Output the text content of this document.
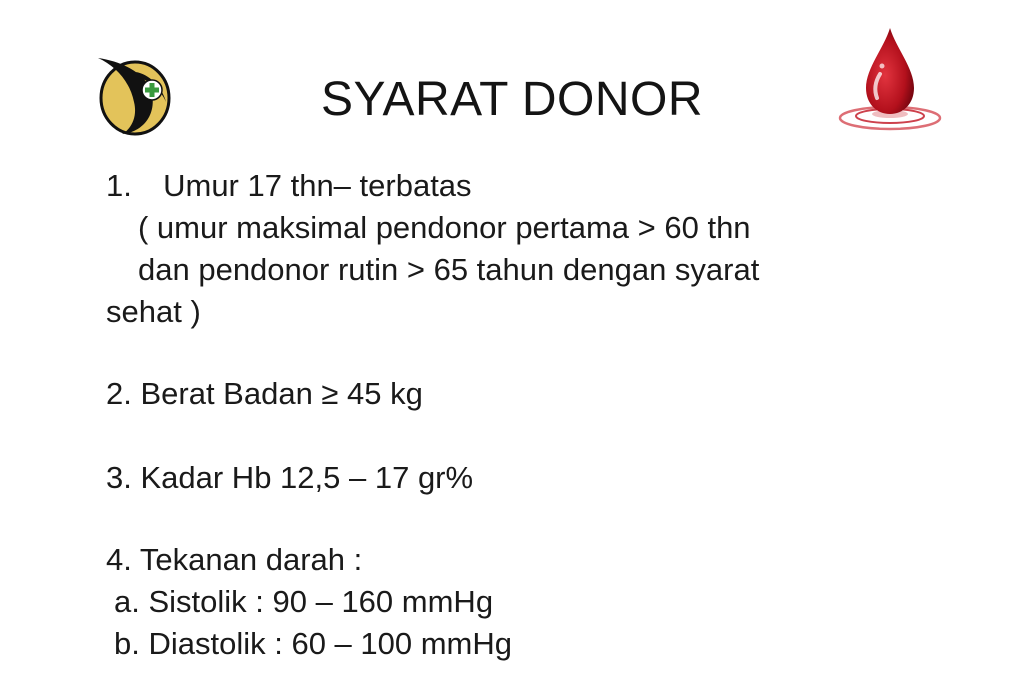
SYARAT DONOR
1. Umur 17 thn– terbatas
( umur maksimal pendonor pertama > 60 thn
dan pendonor rutin > 65 tahun dengan syarat
sehat )
2. Berat Badan ≥ 45 kg
3. Kadar Hb 12,5 – 17 gr%
4. Tekanan darah :
a. Sistolik : 90 – 160 mmHg
b. Diastolik : 60 – 100 mmHg
